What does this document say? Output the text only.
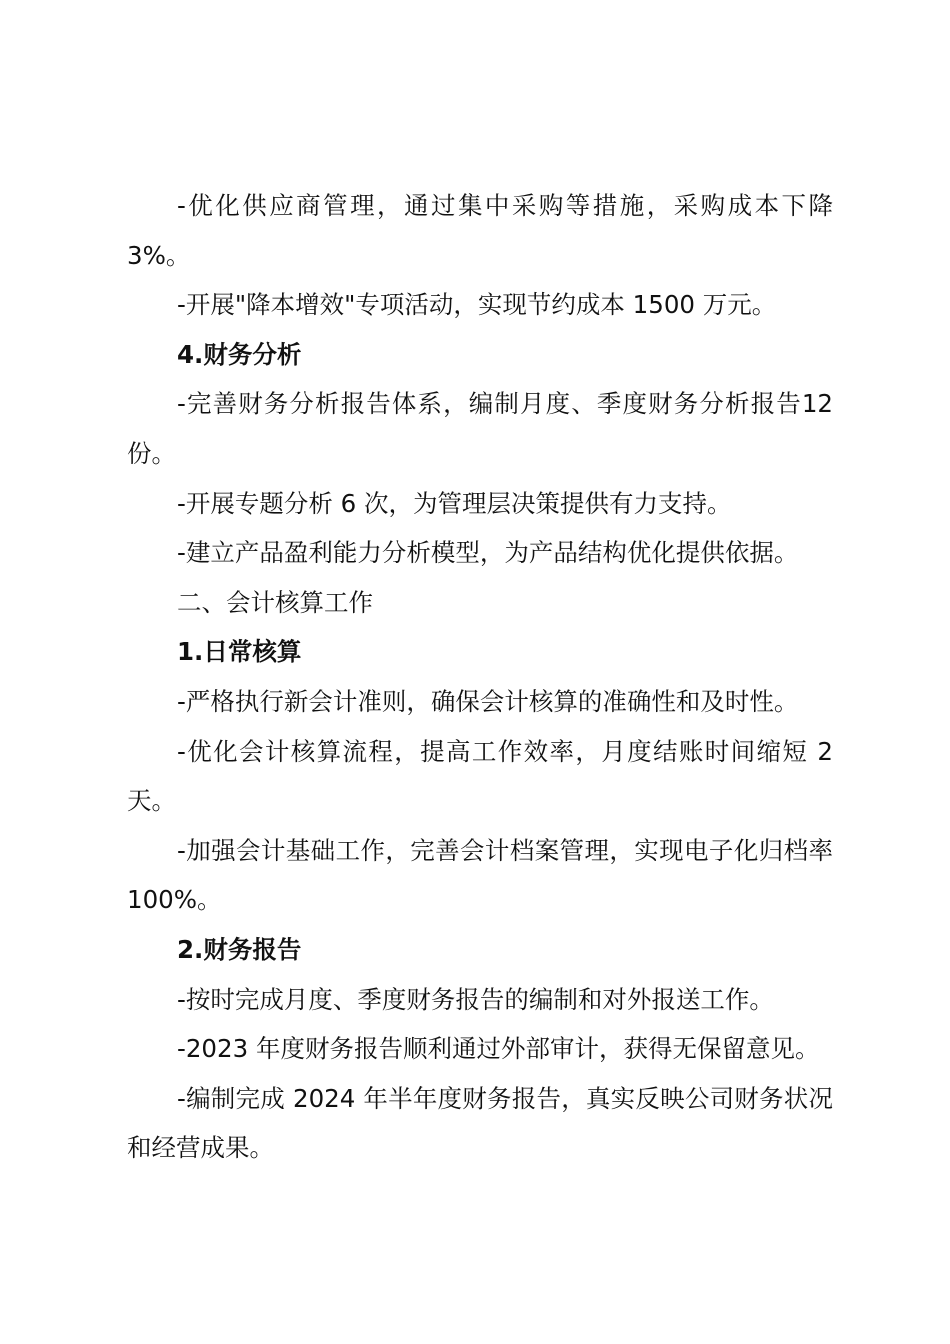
-优化供应商管理，通过集中采购等措施，采购成本下降3%。

-开展"降本增效"专项活动，实现节约成本 1500 万元。

4.财务分析

-完善财务分析报告体系，编制月度、季度财务分析报告12 份。

-开展专题分析 6 次，为管理层决策提供有力支持。

-建立产品盈利能力分析模型，为产品结构优化提供依据。

二、会计核算工作

1.日常核算

-严格执行新会计准则，确保会计核算的准确性和及时性。

-优化会计核算流程，提高工作效率，月度结账时间缩短 2天。

-加强会计基础工作，完善会计档案管理，实现电子化归档率 100%。

2.财务报告

-按时完成月度、季度财务报告的编制和对外报送工作。

-2023 年度财务报告顺利通过外部审计，获得无保留意见。

-编制完成 2024 年半年度财务报告，真实反映公司财务状况和经营成果。
